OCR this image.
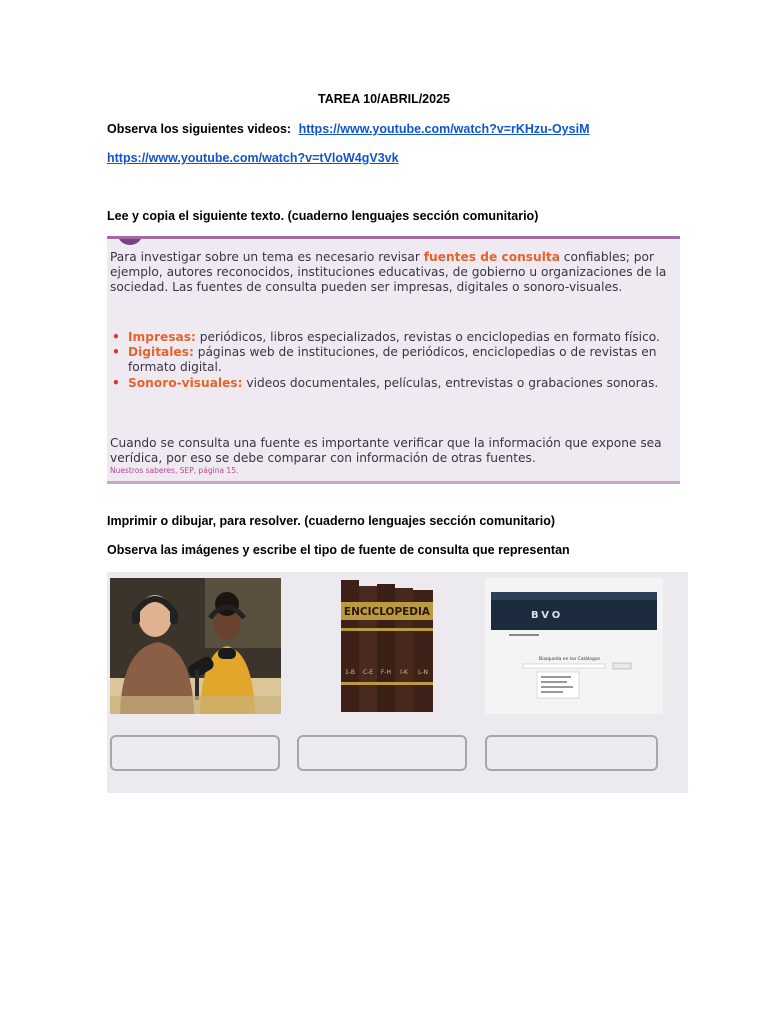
TAREA 10/ABRIL/2025
Observa los siguientes videos: https://www.youtube.com/watch?v=rKHzu-OysiM
https://www.youtube.com/watch?v=tVloW4gV3vk
Lee y copia el siguiente texto. (cuaderno lenguajes sección comunitario)

Para investigar sobre un tema es necesario revisar fuentes de consulta confiables; por ejemplo, autores reconocidos, instituciones educativas, de gobierno u organizaciones de la sociedad. Las fuentes de consulta pueden ser impresas, digitales o sonoro-visuales.

• Impresas: periódicos, libros especializados, revistas o enciclopedias en formato físico.
• Digitales: páginas web de instituciones, de periódicos, enciclopedias o de revistas en formato digital.
• Sonoro-visuales: videos documentales, películas, entrevistas o grabaciones sonoras.

Cuando se consulta una fuente es importante verificar que la información que expone sea verídica, por eso se debe comparar con información de otras fuentes.

Nuestros saberes, SEP, página 15.
Imprimir o dibujar, para resolver. (cuaderno lenguajes sección comunitario)
Observa las imágenes y escribe el tipo de fuente de consulta que representan
ENCICLOPEDIA
1-B C-E F-H I-K L-N
BVO
Búsqueda en los Catálogos
